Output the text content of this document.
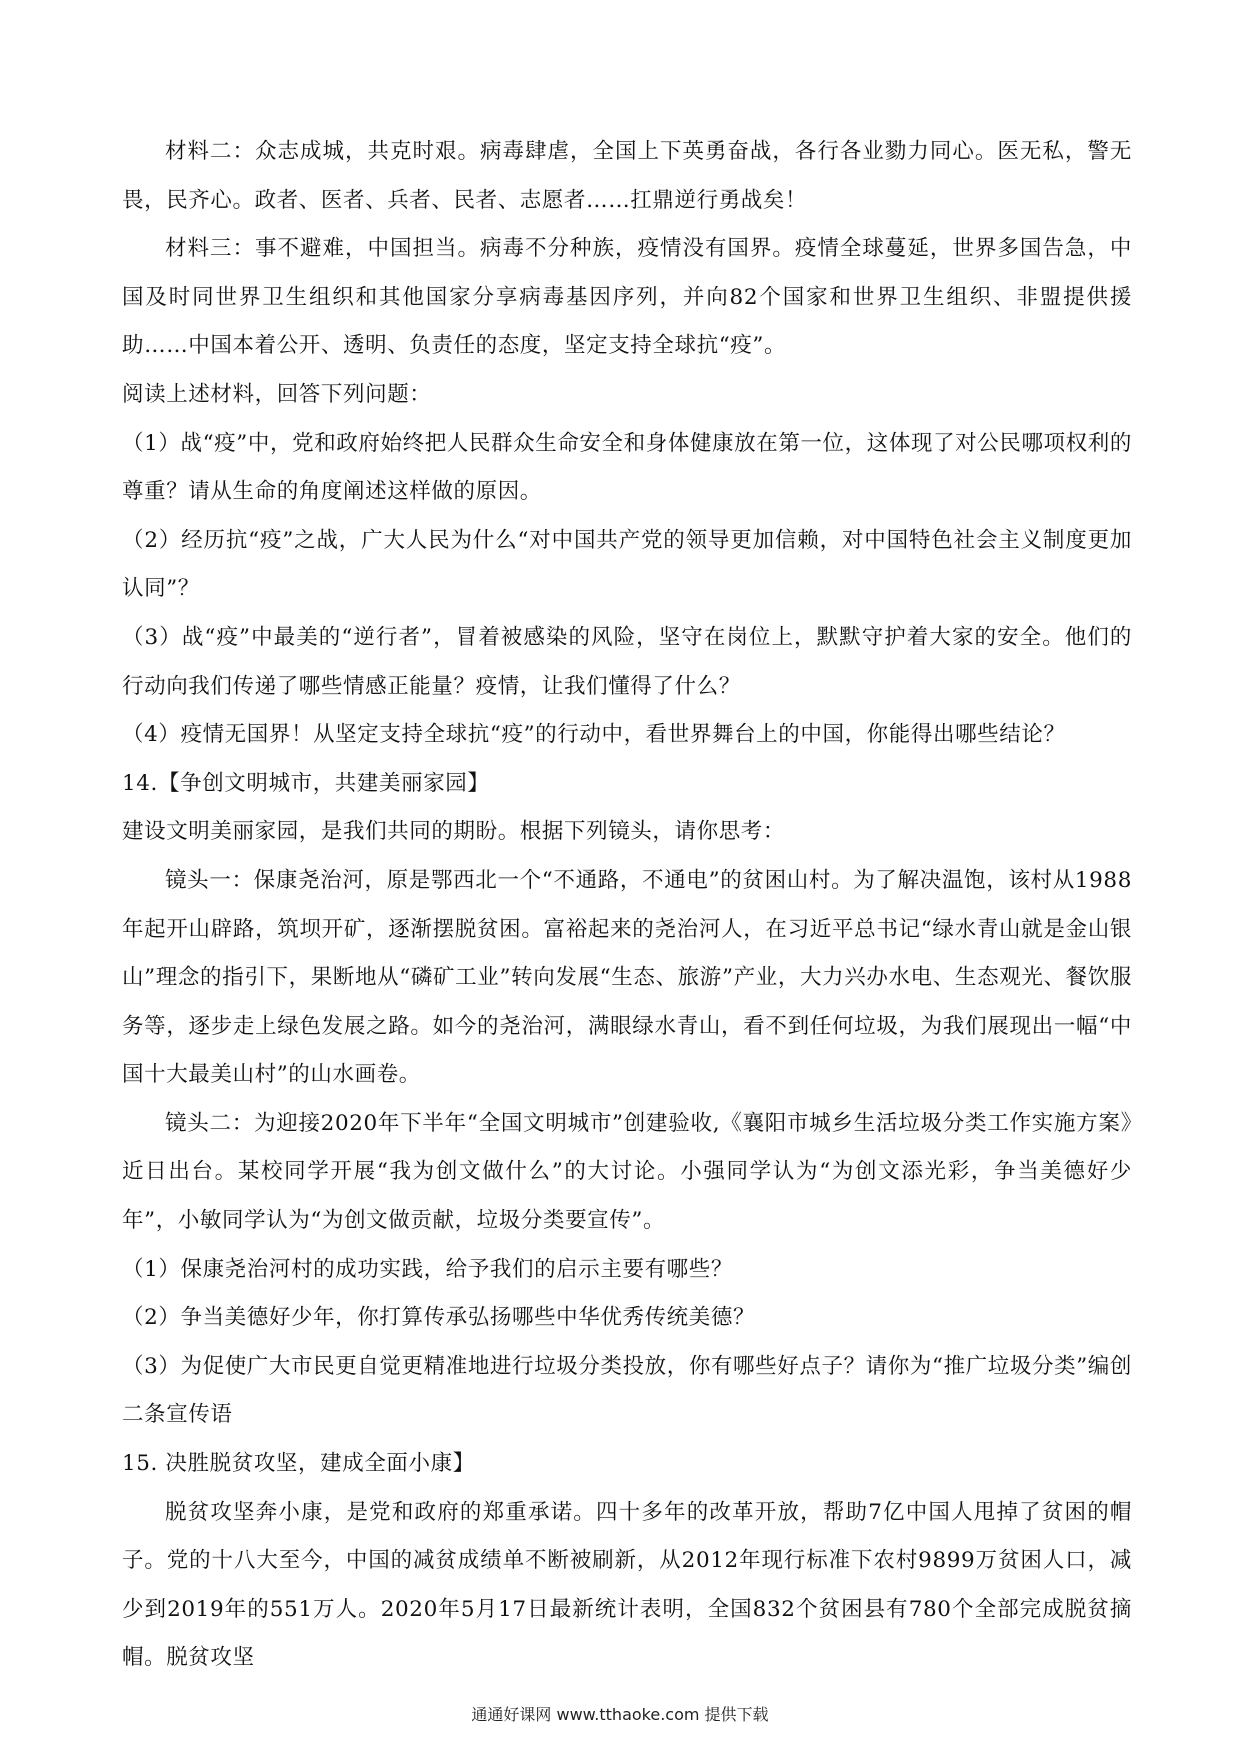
材料二：众志成城，共克时艰。病毒肆虐，全国上下英勇奋战，各行各业勠力同心。医无私，警无畏，民齐心。政者、医者、兵者、民者、志愿者……扛鼎逆行勇战矣！

材料三：事不避难，中国担当。病毒不分种族，疫情没有国界。疫情全球蔓延，世界多国告急，中国及时同世界卫生组织和其他国家分享病毒基因序列，并向82个国家和世界卫生组织、非盟提供援助……中国本着公开、透明、负责任的态度，坚定支持全球抗“疫”。

阅读上述材料，回答下列问题：

（1）战“疫”中，党和政府始终把人民群众生命安全和身体健康放在第一位，这体现了对公民哪项权利的尊重？请从生命的角度阐述这样做的原因。

（2）经历抗“疫”之战，广大人民为什么“对中国共产党的领导更加信赖，对中国特色社会主义制度更加认同”？

（3）战“疫”中最美的“逆行者”，冒着被感染的风险，坚守在岗位上，默默守护着大家的安全。他们的行动向我们传递了哪些情感正能量？疫情，让我们懂得了什么？

（4）疫情无国界！从坚定支持全球抗“疫”的行动中，看世界舞台上的中国，你能得出哪些结论？

14.【争创文明城市，共建美丽家园】

建设文明美丽家园，是我们共同的期盼。根据下列镜头，请你思考：

镜头一：保康尧治河，原是鄂西北一个“不通路，不通电”的贫困山村。为了解决温饱，该村从1988年起开山辟路，筑坝开矿，逐渐摆脱贫困。富裕起来的尧治河人，在习近平总书记“绿水青山就是金山银山”理念的指引下，果断地从“磷矿工业”转向发展“生态、旅游”产业，大力兴办水电、生态观光、餐饮服务等，逐步走上绿色发展之路。如今的尧治河，满眼绿水青山，看不到任何垃圾，为我们展现出一幅“中国十大最美山村”的山水画卷。

镜头二：为迎接2020年下半年“全国文明城市”创建验收,《襄阳市城乡生活垃圾分类工作实施方案》近日出台。某校同学开展“我为创文做什么”的大讨论。小强同学认为“为创文添光彩，争当美德好少年”，小敏同学认为“为创文做贡献，垃圾分类要宣传”。

（1）保康尧治河村的成功实践，给予我们的启示主要有哪些？

（2）争当美德好少年，你打算传承弘扬哪些中华优秀传统美德？

（3）为促使广大市民更自觉更精准地进行垃圾分类投放，你有哪些好点子？请你为“推广垃圾分类”编创二条宣传语

15. 决胜脱贫攻坚，建成全面小康】

脱贫攻坚奔小康，是党和政府的郑重承诺。四十多年的改革开放，帮助7亿中国人甩掉了贫困的帽子。党的十八大至今，中国的减贫成绩单不断被刷新，从2012年现行标准下农村9899万贫困人口，减少到2019年的551万人。2020年5月17日最新统计表明，全国832个贫困县有780个全部完成脱贫摘帽。脱贫攻坚

通通好课网 www.tthaoke.com 提供下载
